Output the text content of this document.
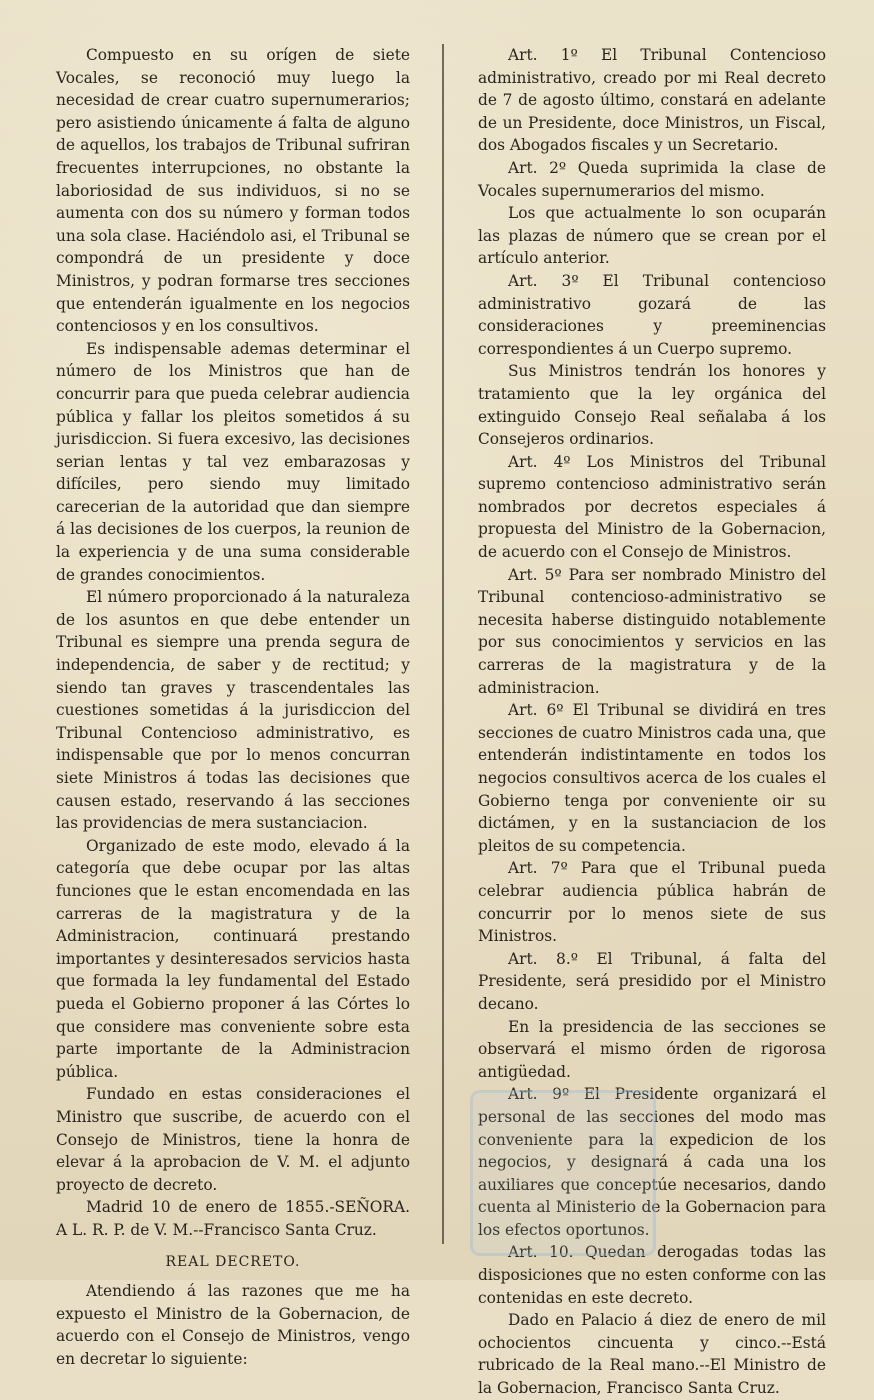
Compuesto en su orígen de siete Vocales, se reconoció muy luego la necesidad de crear cuatro supernumerarios; pero asistiendo únicamente á falta de alguno de aquellos, los trabajos de Tribunal sufriran frecuentes interrupciones, no obstante la laboriosidad de sus individuos, si no se aumenta con dos su número y forman todos una sola clase. Haciéndolo asi, el Tribunal se compondrá de un presidente y doce Ministros, y podran formarse tres secciones que entenderán igualmente en los negocios contenciosos y en los consultivos.

Es indispensable ademas determinar el número de los Ministros que han de concurrir para que pueda celebrar audiencia pública y fallar los pleitos sometidos á su jurisdiccion. Si fuera excesivo, las decisiones serian lentas y tal vez embarazosas y difíciles, pero siendo muy limitado carecerian de la autoridad que dan siempre á las decisiones de los cuerpos, la reunion de la experiencia y de una suma considerable de grandes conocimientos.

El número proporcionado á la naturaleza de los asuntos en que debe entender un Tribunal es siempre una prenda segura de independencia, de saber y de rectitud; y siendo tan graves y trascendentales las cuestiones sometidas á la jurisdiccion del Tribunal Contencioso administrativo, es indispensable que por lo menos concurran siete Ministros á todas las decisiones que causen estado, reservando á las secciones las providencias de mera sustanciacion.

Organizado de este modo, elevado á la categoría que debe ocupar por las altas funciones que le estan encomendada en las carreras de la magistratura y de la Administracion, continuará prestando importantes y desinteresados servicios hasta que formada la ley fundamental del Estado pueda el Gobierno proponer á las Córtes lo que considere mas conveniente sobre esta parte importante de la Administracion pública.

Fundado en estas consideraciones el Ministro que suscribe, de acuerdo con el Consejo de Ministros, tiene la honra de elevar á la aprobacion de V. M. el adjunto proyecto de decreto.

Madrid 10 de enero de 1855.-SEÑORA. A L. R. P. de V. M.--Francisco Santa Cruz.

REAL DECRETO.

Atendiendo á las razones que me ha expuesto el Ministro de la Gobernacion, de acuerdo con el Consejo de Ministros, vengo en decretar lo siguiente:

Art. 1º El Tribunal Contencioso administrativo, creado por mi Real decreto de 7 de agosto último, constará en adelante de un Presidente, doce Ministros, un Fiscal, dos Abogados fiscales y un Secretario.

Art. 2º Queda suprimida la clase de Vocales supernumerarios del mismo.

Los que actualmente lo son ocuparán las plazas de número que se crean por el artículo anterior.

Art. 3º El Tribunal contencioso administrativo gozará de las consideraciones y preeminencias correspondientes á un Cuerpo supremo.

Sus Ministros tendrán los honores y tratamiento que la ley orgánica del extinguido Consejo Real señalaba á los Consejeros ordinarios.

Art. 4º Los Ministros del Tribunal supremo contencioso administrativo serán nombrados por decretos especiales á propuesta del Ministro de la Gobernacion, de acuerdo con el Consejo de Ministros.

Art. 5º Para ser nombrado Ministro del Tribunal contencioso-administrativo se necesita haberse distinguido notablemente por sus conocimientos y servicios en las carreras de la magistratura y de la administracion.

Art. 6º El Tribunal se dividirá en tres secciones de cuatro Ministros cada una, que entenderán indistintamente en todos los negocios consultivos acerca de los cuales el Gobierno tenga por conveniente oir su dictámen, y en la sustanciacion de los pleitos de su competencia.

Art. 7º Para que el Tribunal pueda celebrar audiencia pública habrán de concurrir por lo menos siete de sus Ministros.

Art. 8.º El Tribunal, á falta del Presidente, será presidido por el Ministro decano.

En la presidencia de las secciones se observará el mismo órden de rigorosa antigüedad.

Art. 9º El Presidente organizará el personal de las secciones del modo mas conveniente para la expedicion de los negocios, y designará á cada una los auxiliares que conceptúe necesarios, dando cuenta al Ministerio de la Gobernacion para los efectos oportunos.

Art. 10. Quedan derogadas todas las disposiciones que no esten conforme con las contenidas en este decreto.

Dado en Palacio á diez de enero de mil ochocientos cincuenta y cinco.--Está rubricado de la Real mano.--El Ministro de la Gobernacion, Francisco Santa Cruz.
